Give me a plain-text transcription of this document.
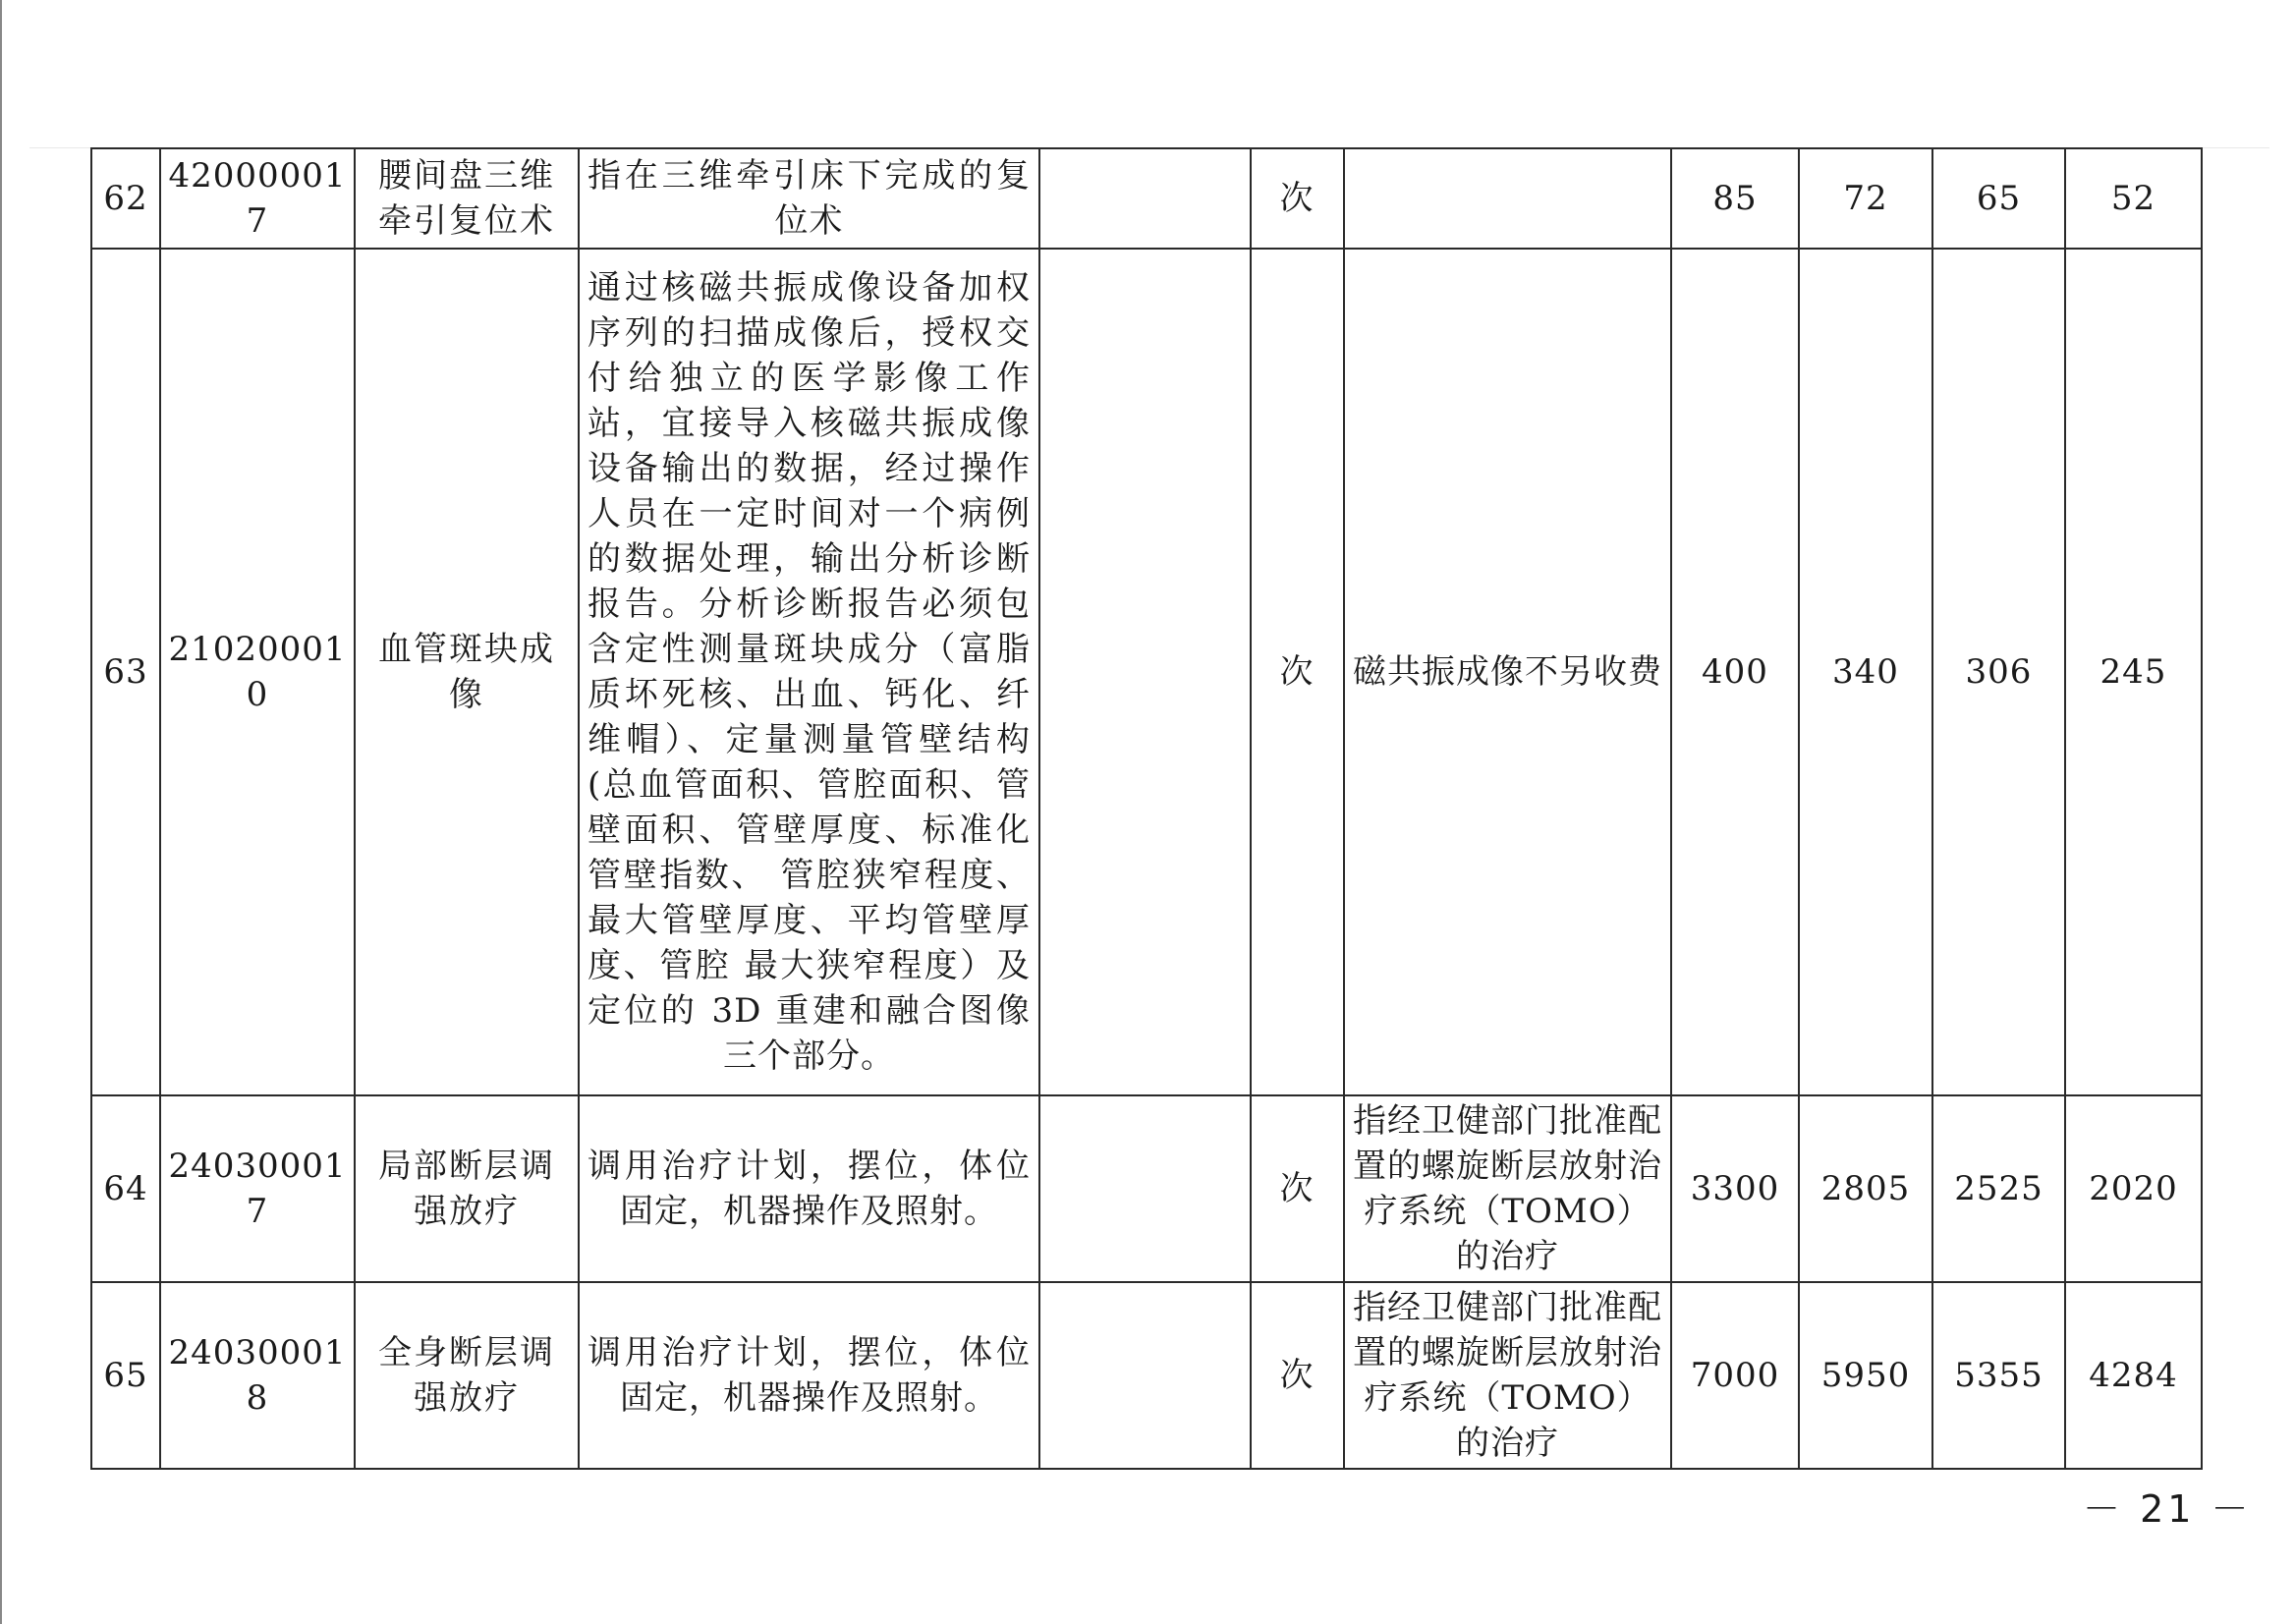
62	420000017	腰间盘三维牵引复位术	指在三维牵引床下完成的复位术		次		85	72	65	52
63	210200010	血管斑块成像	通过核磁共振成像设备加权序列的扫描成像后，授权交付给独立的医学影像工作站，宜接导入核磁共振成像设备输出的数据，经过操作人员在一定时间对一个病例的数据处理，输出分析诊断报告。分析诊断报告必须包含定性测量斑块成分（富脂质坏死核、出血、钙化、纤维帽）、定量测量管壁结构(总血管面积、管腔面积、管壁面积、管壁厚度、标准化管壁指数、 管腔狭窄程度、最大管壁厚度、平均管壁厚度、管腔 最大狭窄程度）及定位的 3D 重建和融合图像三个部分。		次	磁共振成像不另收费	400	340	306	245
64	240300017	局部断层调强放疗	调用治疗计划，摆位，体位固定，机器操作及照射。		次	指经卫健部门批准配置的螺旋断层放射治疗系统（TOMO）的治疗	3300	2805	2525	2020
65	240300018	全身断层调强放疗	调用治疗计划，摆位，体位固定，机器操作及照射。		次	指经卫健部门批准配置的螺旋断层放射治疗系统（TOMO）的治疗	7000	5950	5355	4284
－ 21 －
